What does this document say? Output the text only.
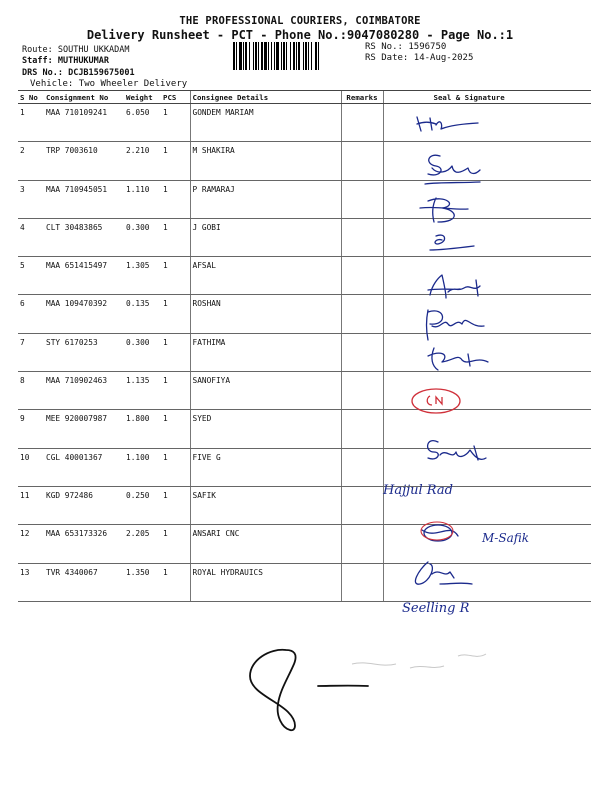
THE PROFESSIONAL COURIERS, COIMBATORE
Delivery Runsheet - PCT - Phone No.:9047080280 - Page No.:1
Route: SOUTHU UKKADAM
Staff: MUTHUKUMAR
DRS No.: DCJB159675001
Vehicle: Two Wheeler Delivery
RS No.: 1596750
RS Date: 14-Aug-2025
S No	Consignment No	Weight	PCS	Consignee Details	Remarks	Seal & Signature
1	MAA 710109241	6.050	1	GONDEM MARIAM		
2	TRP 7003610	2.210	1	M SHAKIRA		
3	MAA 710945051	1.110	1	P RAMARAJ		
4	CLT 30483865	0.300	1	J GOBI		
5	MAA 651415497	1.305	1	AFSAL		
6	MAA 109470392	0.135	1	ROSHAN		
7	STY 6170253	0.300	1	FATHIMA		
8	MAA 710902463	1.135	1	SANOFIYA		
9	MEE 920007987	1.800	1	SYED		
10	CGL 40001367	1.100	1	FIVE G		
11	KGD 972486	0.250	1	SAFIK		
12	MAA 653173326	2.205	1	ANSARI CNC		
13	TVR 4340067	1.350	1	ROYAL HYDRAUICS		
Hajjul Rad
M-Safik
Seelling R
